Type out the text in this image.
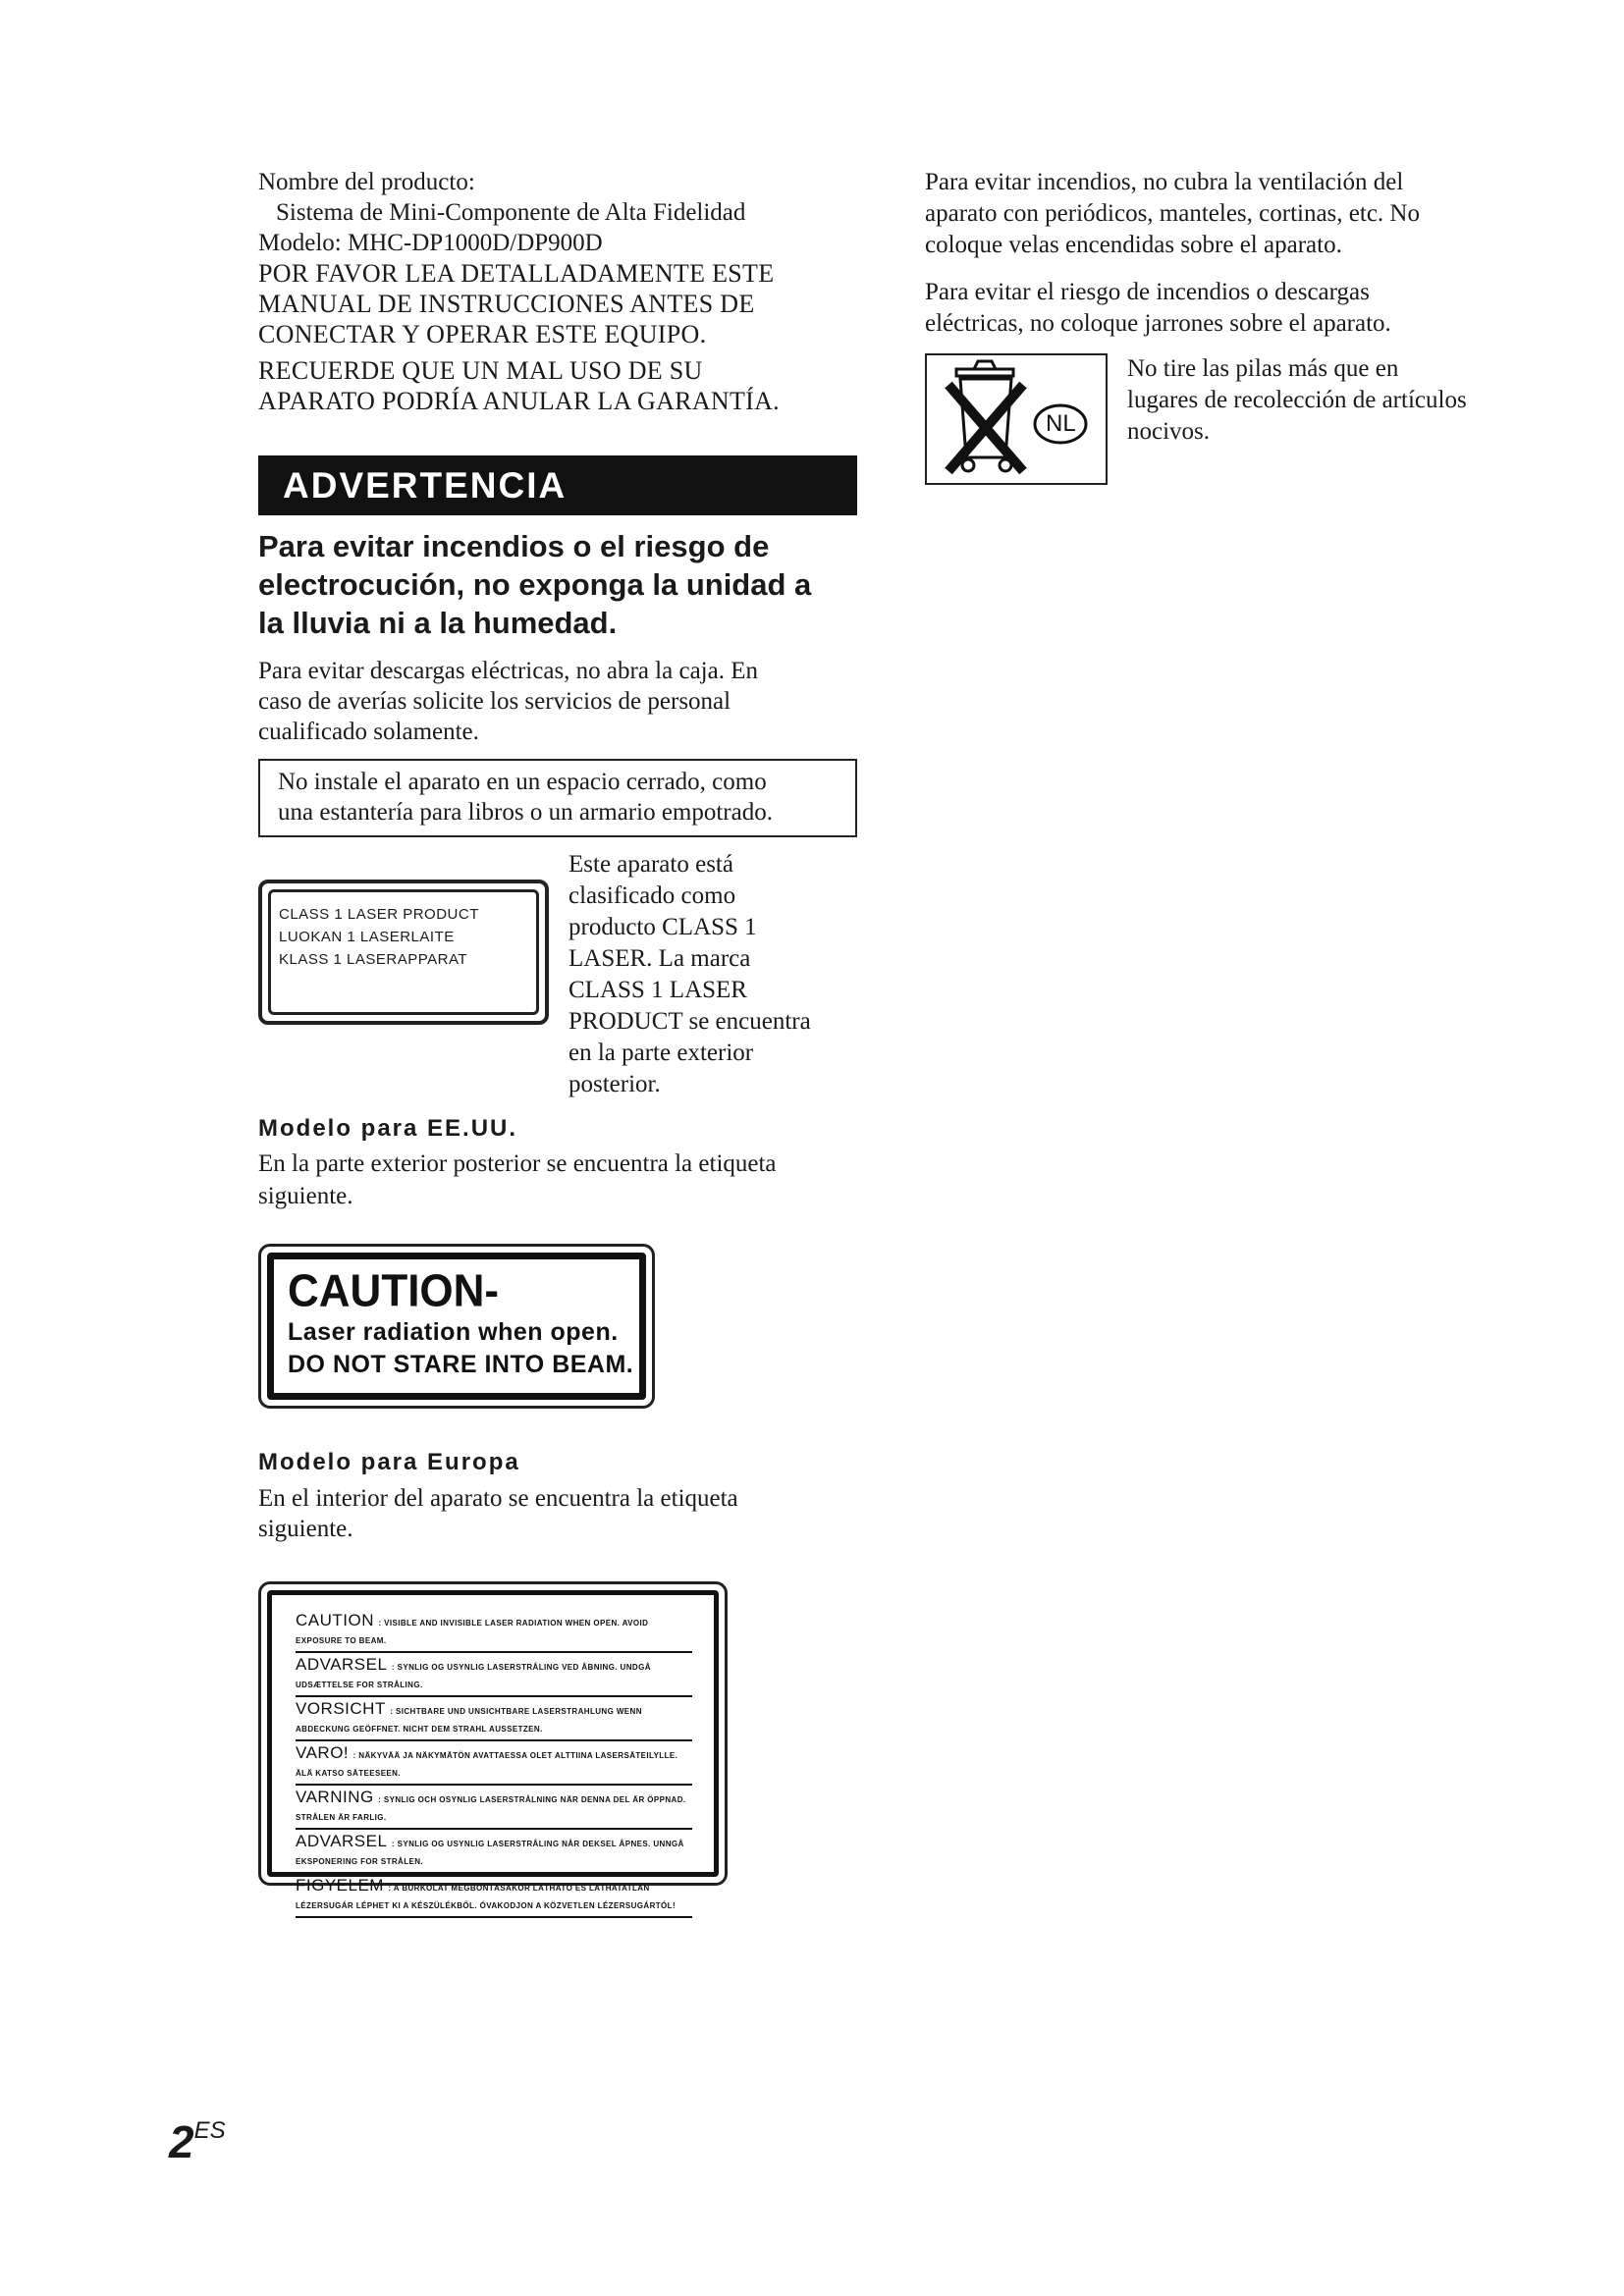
Nombre del producto:

Sistema de Mini-Componente de Alta Fidelidad

Modelo: MHC-DP1000D/DP900D

POR FAVOR LEA DETALLADAMENTE ESTE

MANUAL DE INSTRUCCIONES ANTES DE

CONECTAR Y OPERAR ESTE EQUIPO.

RECUERDE QUE UN MAL USO DE SU

APARATO PODRÍA ANULAR LA GARANTÍA.

ADVERTENCIA

Para evitar incendios o el riesgo de

electrocución, no exponga la unidad a

la lluvia ni a la humedad.

Para evitar descargas eléctricas, no abra la caja. En

caso de averías solicite los servicios de personal

cualificado solamente.

No instale el aparato en un espacio cerrado, como

una estantería para libros o un armario empotrado.

CLASS 1 LASER PRODUCT
LUOKAN 1 LASERLAITE
KLASS 1 LASERAPPARAT

Este aparato está

clasificado como

producto CLASS 1

LASER. La marca

CLASS 1 LASER

PRODUCT se encuentra

en la parte exterior

posterior.

Modelo para EE.UU.

En la parte exterior posterior se encuentra la etiqueta

siguiente.

CAUTION-
Laser radiation when open.
DO NOT STARE INTO BEAM.

Modelo para Europa

En el interior del aparato se encuentra la etiqueta

siguiente.

CAUTION : VISIBLE AND INVISIBLE LASER RADIATION WHEN OPEN. AVOID EXPOSURE TO BEAM.
ADVARSEL : SYNLIG OG USYNLIG LASERSTRÅLING VED ÅBNING. UNDGÅ UDSÆTTELSE FOR STRÅLING.
VORSICHT : SICHTBARE UND UNSICHTBARE LASERSTRAHLUNG WENN ABDECKUNG GEÖFFNET. NICHT DEM STRAHL AUSSETZEN.
VARO! : NÄKYVÄÄ JA NÄKYMÄTÖN AVATTAESSA OLET ALTTIINA LASERSÄTEILYLLE. ÄLÄ KATSO SÄTEESEEN.
VARNING : SYNLIG OCH OSYNLIG LASERSTRÅLNING NÄR DENNA DEL ÄR ÖPPNAD. STRÅLEN ÄR FARLIG.
ADVARSEL : SYNLIG OG USYNLIG LASERSTRÅLING NÅR DEKSEL ÅPNES. UNNGÅ EKSPONERING FOR STRÅLEN.
FIGYELEM : A BURKOLAT MEGBONTÁSAKOR LÁTHATÓ ÉS LÁTHATATLAN LÉZERSUGÁR LÉPHET KI A KÉSZÜLÉKBŐL. ÓVAKODJON A KÖZVETLEN LÉZERSUGÁRTÓL!

Para evitar incendios, no cubra la ventilación del

aparato con periódicos, manteles, cortinas, etc. No

coloque velas encendidas sobre el aparato.

Para evitar el riesgo de incendios o descargas

eléctricas, no coloque jarrones sobre el aparato.

NL

No tire las pilas más que en

lugares de recolección de artículos

nocivos.

2ES
